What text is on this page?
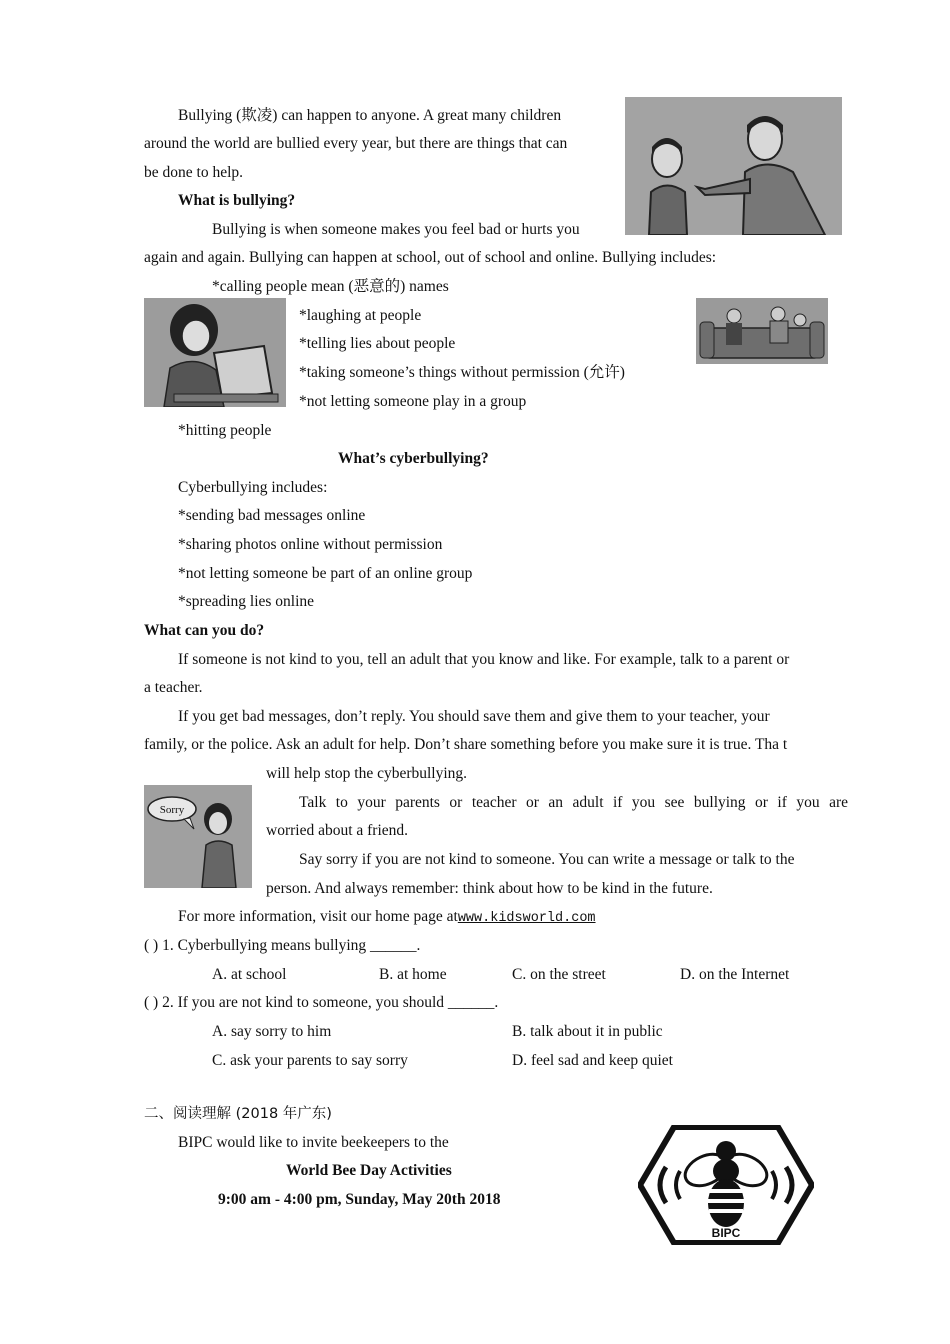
Sorry
BIPC
Bullying (欺凌) can happen to anyone. A great many children
around the world are bullied every year, but there are things that can
be done to help.
What is bullying?
Bullying is when someone makes you feel bad or hurts you
again and again. Bullying can happen at school, out of school and online. Bullying includes:
*calling people mean (恶意的) names
*laughing at people
*telling lies about people
*taking someone’s things without permission (允许)
*not letting someone play in a group
*hitting people
What’s cyberbullying?
Cyberbullying includes:
*sending bad messages online
*sharing photos online without permission
*not letting someone be part of an online group
*spreading lies online
What can you do?
If someone is not kind to you, tell an adult that you know and like. For example, talk to a parent or
a teacher.
If you get bad messages, don’t reply. You should save them and give them to your teacher, your
family, or the police. Ask an adult for help. Don’t share something before you make sure it is true. Tha t
will help stop the cyberbullying.
Talk to your parents or teacher or an adult if you see bullying or if you are
worried about a friend.
Say sorry if you are not kind to someone. You can write a message or talk to the
person. And always remember: think about how to be kind in the future.
For more information, visit our home page atwww.kidsworld.com
( ) 1. Cyberbullying means bullying ______.
A. at school	B. at home	C. on the street	D. on the Internet
( ) 2. If you are not kind to someone, you should ______.
A. say sorry to him	B. talk about it in public
C. ask your parents to say sorry	D. feel sad and keep quiet
二、阅读理解 (2018 年广东)
BIPC would like to invite beekeepers to the
World Bee Day Activities
9:00 am - 4:00 pm, Sunday, May 20th 2018
